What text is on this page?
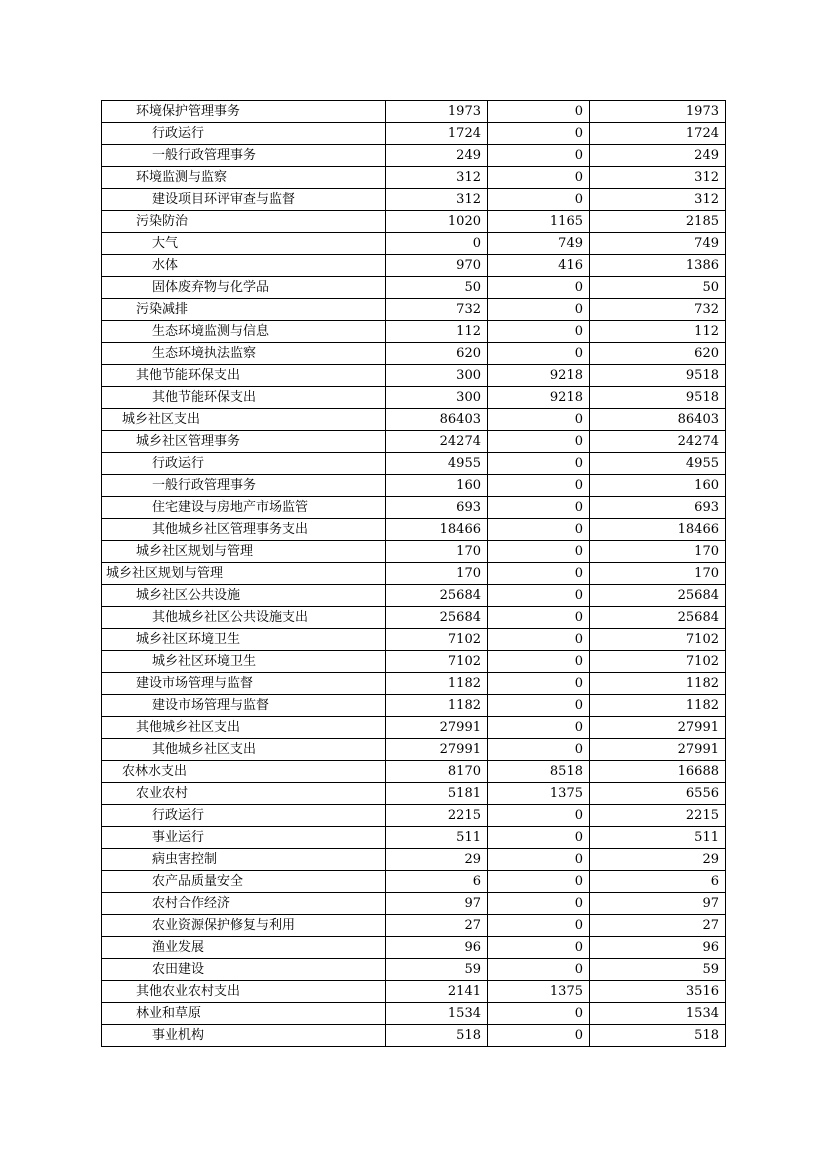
环境保护管理事务	1973	0	1973
行政运行	1724	0	1724
一般行政管理事务	249	0	249
环境监测与监察	312	0	312
建设项目环评审查与监督	312	0	312
污染防治	1020	1165	2185
大气	0	749	749
水体	970	416	1386
固体废弃物与化学品	50	0	50
污染减排	732	0	732
生态环境监测与信息	112	0	112
生态环境执法监察	620	0	620
其他节能环保支出	300	9218	9518
其他节能环保支出	300	9218	9518
城乡社区支出	86403	0	86403
城乡社区管理事务	24274	0	24274
行政运行	4955	0	4955
一般行政管理事务	160	0	160
住宅建设与房地产市场监管	693	0	693
其他城乡社区管理事务支出	18466	0	18466
城乡社区规划与管理	170	0	170
城乡社区规划与管理	170	0	170
城乡社区公共设施	25684	0	25684
其他城乡社区公共设施支出	25684	0	25684
城乡社区环境卫生	7102	0	7102
城乡社区环境卫生	7102	0	7102
建设市场管理与监督	1182	0	1182
建设市场管理与监督	1182	0	1182
其他城乡社区支出	27991	0	27991
其他城乡社区支出	27991	0	27991
农林水支出	8170	8518	16688
农业农村	5181	1375	6556
行政运行	2215	0	2215
事业运行	511	0	511
病虫害控制	29	0	29
农产品质量安全	6	0	6
农村合作经济	97	0	97
农业资源保护修复与利用	27	0	27
渔业发展	96	0	96
农田建设	59	0	59
其他农业农村支出	2141	1375	3516
林业和草原	1534	0	1534
事业机构	518	0	518
